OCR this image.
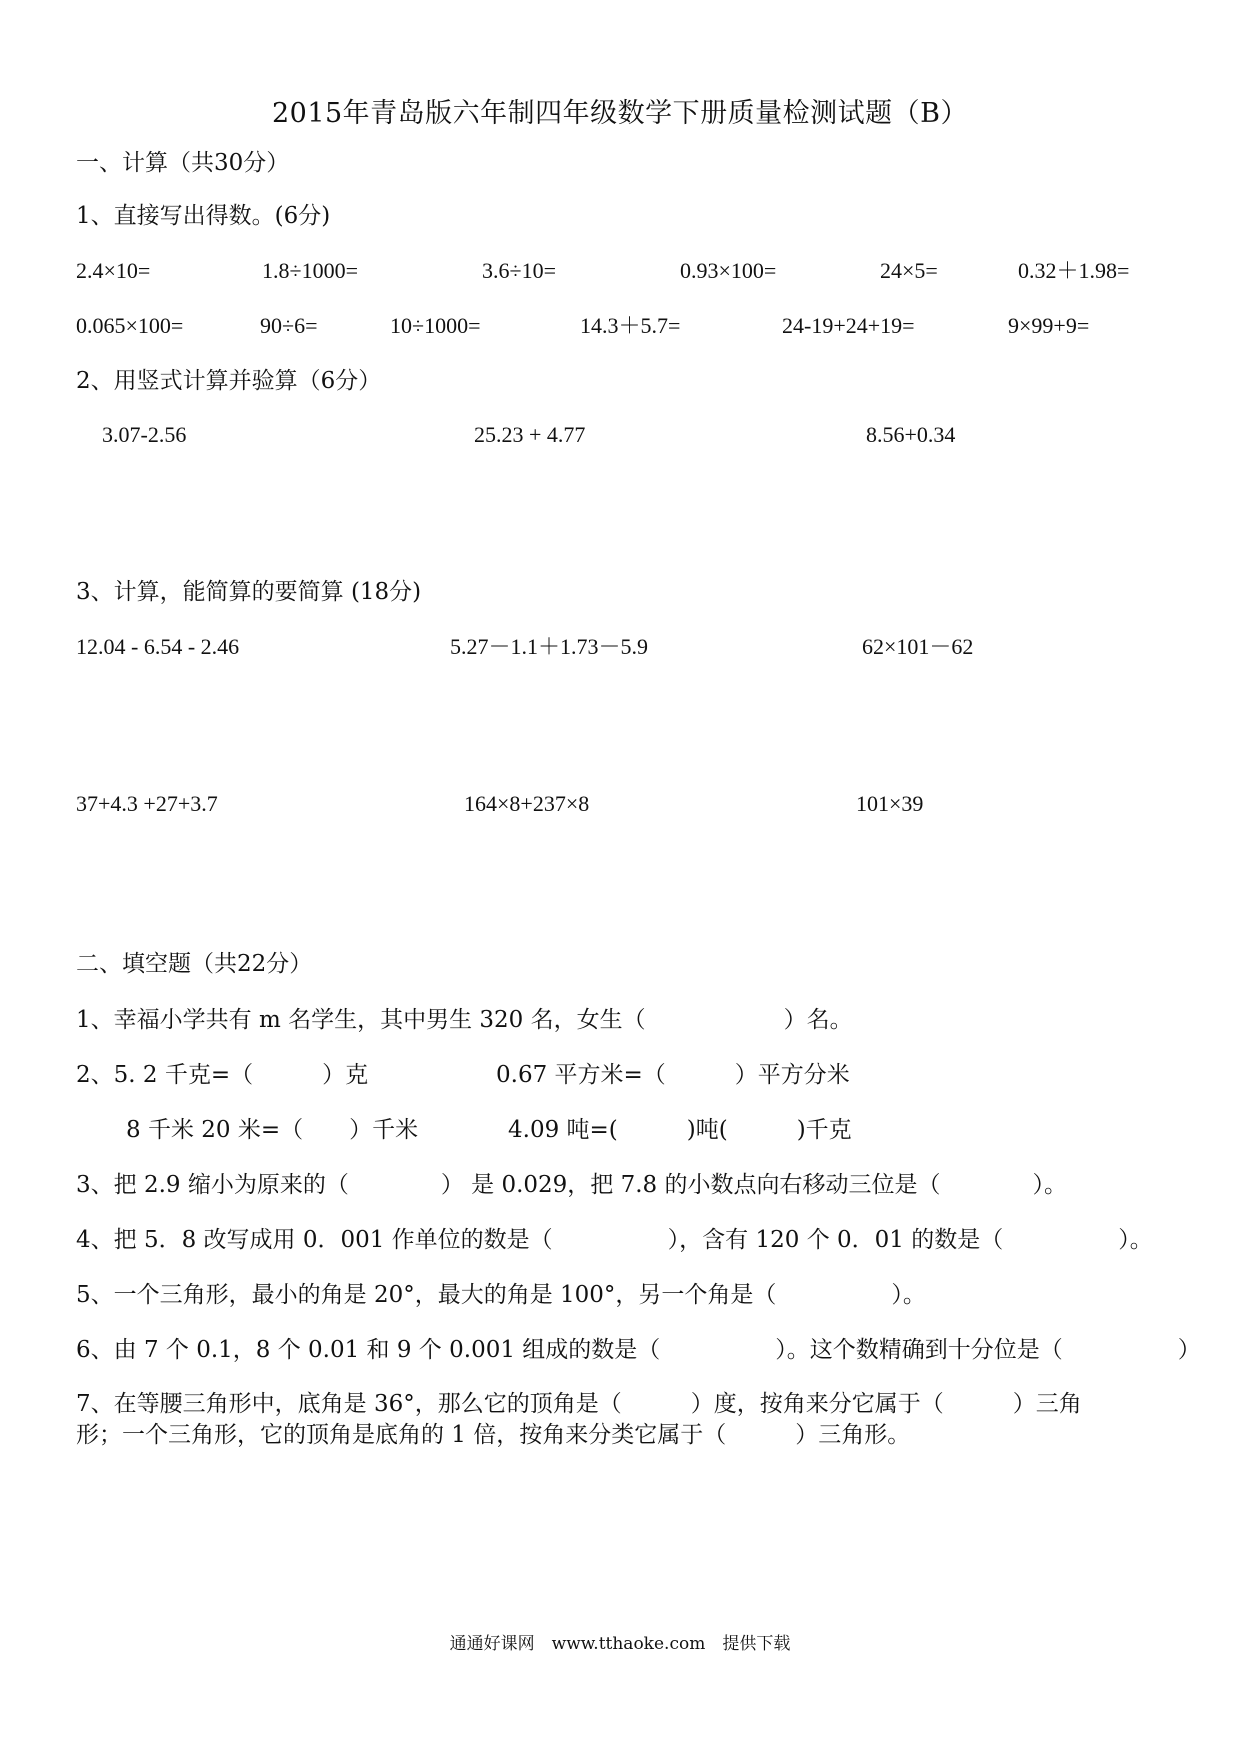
2015年青岛版六年制四年级数学下册质量检测试题（B）
一、计算（共30分）
1、直接写出得数。(6分)
2.4×10=	1.8÷1000=	3.6÷10=	0.93×100=	24×5=	0.32＋1.98=
0.065×100=	90÷6=	10÷1000=	14.3＋5.7=	24-19+24+19=	9×99+9=
2、用竖式计算并验算（6分）
3.07-2.56	25.23 + 4.77	8.56+0.34
3、计算，能简算的要简算 (18分)
12.04 - 6.54 - 2.46	5.27－1.1＋1.73－5.9	62×101－62
37+4.3 +27+3.7	164×8+237×8	101×39
二、填空题（共22分）
1、幸福小学共有 m 名学生，其中男生 320 名，女生（　　　　　　）名。
2、5. 2 千克=（　　　）克	0.67 平方米=（　　　）平方分米
8 千米 20 米=（　　）千米	4.09 吨=(　　　)吨(　　　)千克
3、把 2.9 缩小为原来的（　　　　） 是 0.029，把 7.8 的小数点向右移动三位是（　　　　）。
4、把 5．8 改写成用 0．001 作单位的数是（　　　　　），含有 120 个 0．01 的数是（　　　　　）。
5、一个三角形，最小的角是 20°，最大的角是 100°，另一个角是（　　　　　）。
6、由 7 个 0.1，8 个 0.01 和 9 个 0.001 组成的数是（　　　　　）。这个数精确到十分位是（　　　　　）
7、在等腰三角形中，底角是 36°，那么它的顶角是（　　　）度，按角来分它属于（　　　）三角
形；一个三角形，它的顶角是底角的 1 倍，按角来分类它属于（　　　）三角形。
通通好课网　www.tthaoke.com　提供下载
